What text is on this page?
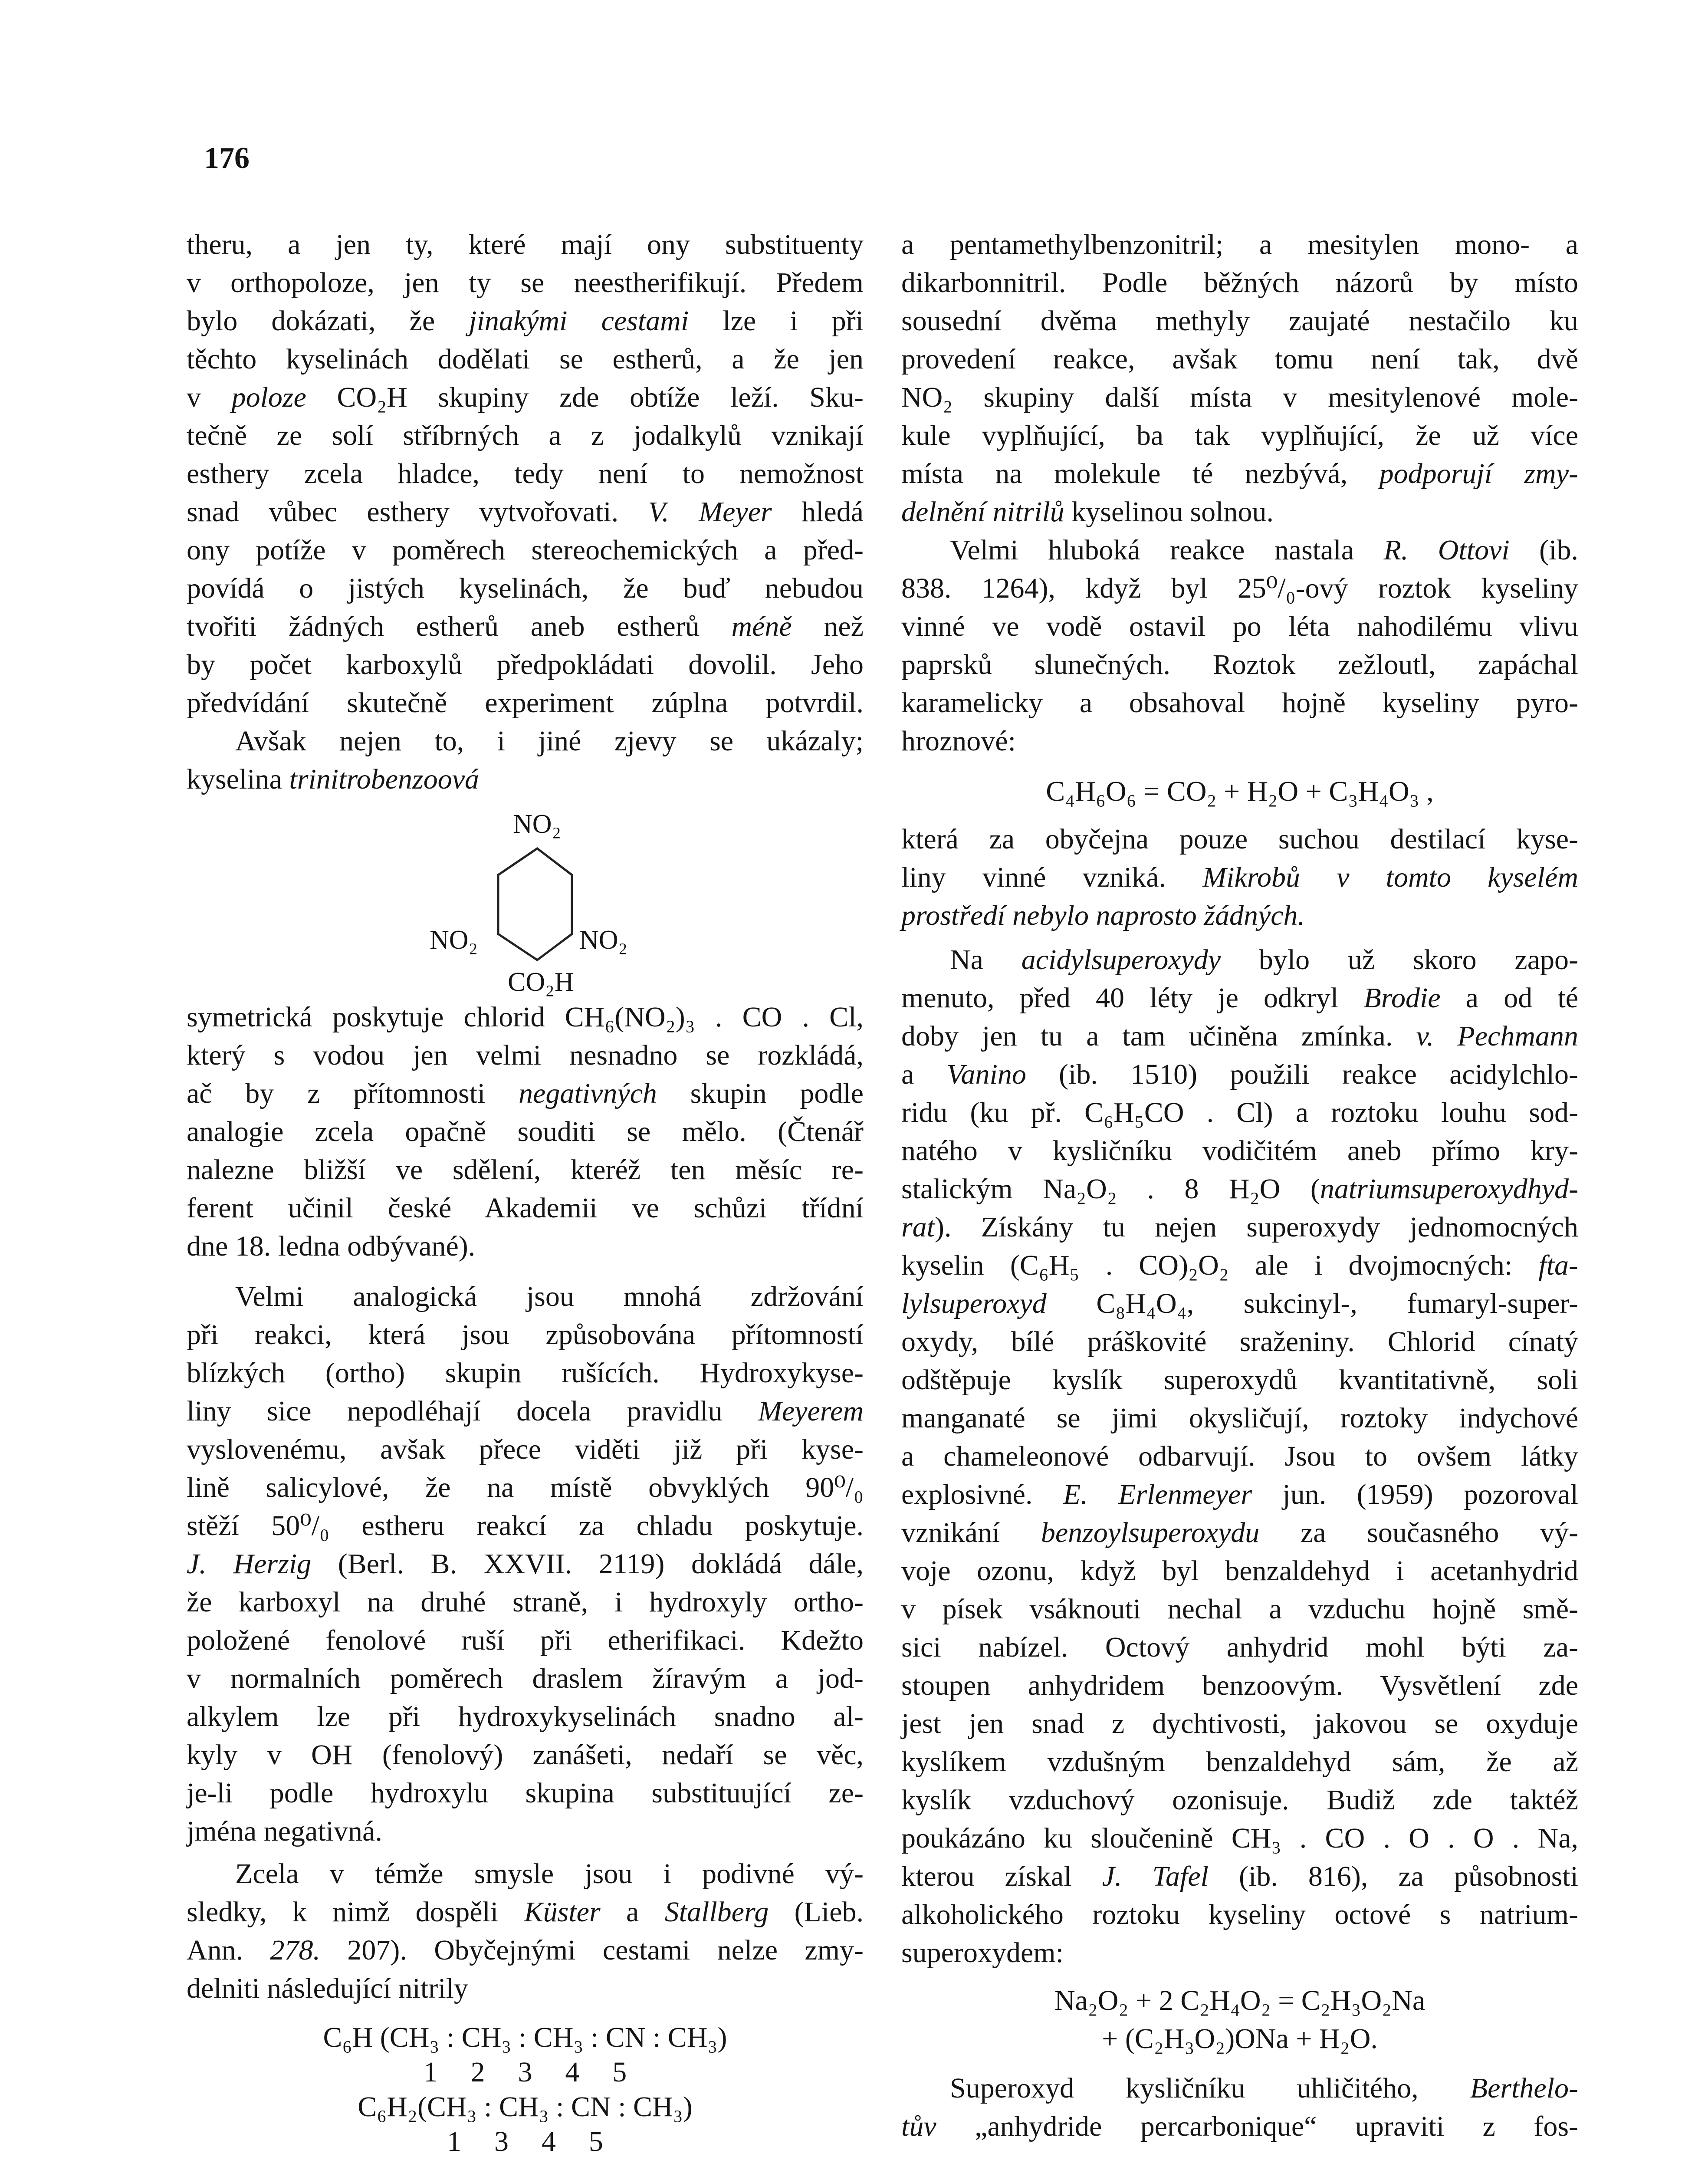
176
theru, a jen ty, které mají ony substituenty
v orthopoloze, jen ty se neestherifikují. Předem
bylo dokázati, že jinakými cestami lze i při
těchto kyselinách dodělati se estherů, a že jen
v poloze CO₂H skupiny zde obtíže leží. Sku-
tečně ze solí stříbrných a z jodalkylů vznikají
esthery zcela hladce, tedy není to nemožnost
snad vůbec esthery vytvořovati. V. Meyer hledá
ony potíže v poměrech stereochemických a před-
povídá o jistých kyselinách, že buď nebudou
tvořiti žádných estherů aneb estherů méně než
by počet karboxylů předpokládati dovolil. Jeho
předvídání skutečně experiment zúplna potvrdil.
Avšak nejen to, i jiné zjevy se ukázaly;
kyselina trinitrobenzoová
NO₂
NO₂	NO₂
CO₂H
symetrická poskytuje chlorid CH₆(NO₂)₃ . CO . Cl,
který s vodou jen velmi nesnadno se rozkládá,
ač by z přítomnosti negativných skupin podle
analogie zcela opačně souditi se mělo. (Čtenář
nalezne bližší ve sdělení, kteréž ten měsíc re-
ferent učinil české Akademii ve schůzi třídní
dne 18. ledna odbývané).
Velmi analogická jsou mnohá zdržování
při reakci, která jsou způsobována přítomností
blízkých (ortho) skupin rušících. Hydroxykyse-
liny sice nepodléhají docela pravidlu Meyerem
vyslovenému, avšak přece viděti již při kyse-
lině salicylové, že na místě obvyklých 90⁰/₀
stěží 50⁰/₀ estheru reakcí za chladu poskytuje.
J. Herzig (Berl. B. XXVII. 2119) dokládá dále,
že karboxyl na druhé straně, i hydroxyly ortho-
položené fenolové ruší při etherifikaci. Kdežto
v normalních poměrech draslem žíravým a jod-
alkylem lze při hydroxykyselinách snadno al-
kyly v OH (fenolový) zanášeti, nedaří se věc,
je-li podle hydroxylu skupina substituující ze-
jména negativná.
Zcela v témže smysle jsou i podivné vý-
sledky, k nimž dospěli Küster a Stallberg (Lieb.
Ann. 278. 207). Obyčejnými cestami nelze zmy-
delniti následující nitrily
C₆H (CH₃ : CH₃ : CH₃ : CN : CH₃)
1 2 3 4 5
C₆H₂(CH₃ : CH₃ : CN : CH₃)
1 3 4 5
a pentamethylbenzonitril; a mesitylen mono- a
dikarbonnitril. Podle běžných názorů by místo
sousední dvěma methyly zaujaté nestačilo ku
provedení reakce, avšak tomu není tak, dvě
NO₂ skupiny další místa v mesitylenové mole-
kule vyplňující, ba tak vyplňující, že už více
místa na molekule té nezbývá, podporují zmy-
delnění nitrilů kyselinou solnou.
Velmi hluboká reakce nastala R. Ottovi (ib.
838. 1264), když byl 25⁰/₀-ový roztok kyseliny
vinné ve vodě ostavil po léta nahodilému vlivu
paprsků slunečných. Roztok zežloutl, zapáchal
karamelicky a obsahoval hojně kyseliny pyro-
hroznové:
C₄H₆O₆ = CO₂ + H₂O + C₃H₄O₃ ,
která za obyčejna pouze suchou destilací kyse-
liny vinné vzniká. Mikrobů v tomto kyselém
prostředí nebylo naprosto žádných.
Na acidylsuperoxydy bylo už skoro zapo-
menuto, před 40 léty je odkryl Brodie a od té
doby jen tu a tam učiněna zmínka. v. Pechmann
a Vanino (ib. 1510) použili reakce acidylchlo-
ridu (ku př. C₆H₅CO . Cl) a roztoku louhu sod-
natého v kysličníku vodičitém aneb přímo kry-
stalickým Na₂O₂ . 8 H₂O (natriumsuperoxydhyd-
rat). Získány tu nejen superoxydy jednomocných
kyselin (C₆H₅ . CO)₂O₂ ale i dvojmocných: fta-
lylsuperoxyd C₈H₄O₄, sukcinyl-, fumaryl-super-
oxydy, bílé práškovité sraženiny. Chlorid cínatý
odštěpuje kyslík superoxydů kvantitativně, soli
manganaté se jimi okysličují, roztoky indychové
a chameleonové odbarvují. Jsou to ovšem látky
explosivné. E. Erlenmeyer jun. (1959) pozoroval
vznikání benzoylsuperoxydu za současného vý-
voje ozonu, když byl benzaldehyd i acetanhydrid
v písek vsáknouti nechal a vzduchu hojně smě-
sici nabízel. Octový anhydrid mohl býti za-
stoupen anhydridem benzoovým. Vysvětlení zde
jest jen snad z dychtivosti, jakovou se oxyduje
kyslíkem vzdušným benzaldehyd sám, že až
kyslík vzduchový ozonisuje. Budiž zde taktéž
poukázáno ku sloučenině CH₃ . CO . O . O . Na,
kterou získal J. Tafel (ib. 816), za působnosti
alkoholického roztoku kyseliny octové s natrium-
superoxydem:
Na₂O₂ + 2 C₂H₄O₂ = C₂H₃O₂Na
+ (C₂H₃O₂)ONa + H₂O.
Superoxyd kysličníku uhličitého, Berthelo-
tův „anhydride percarbonique“ upraviti z fos-
